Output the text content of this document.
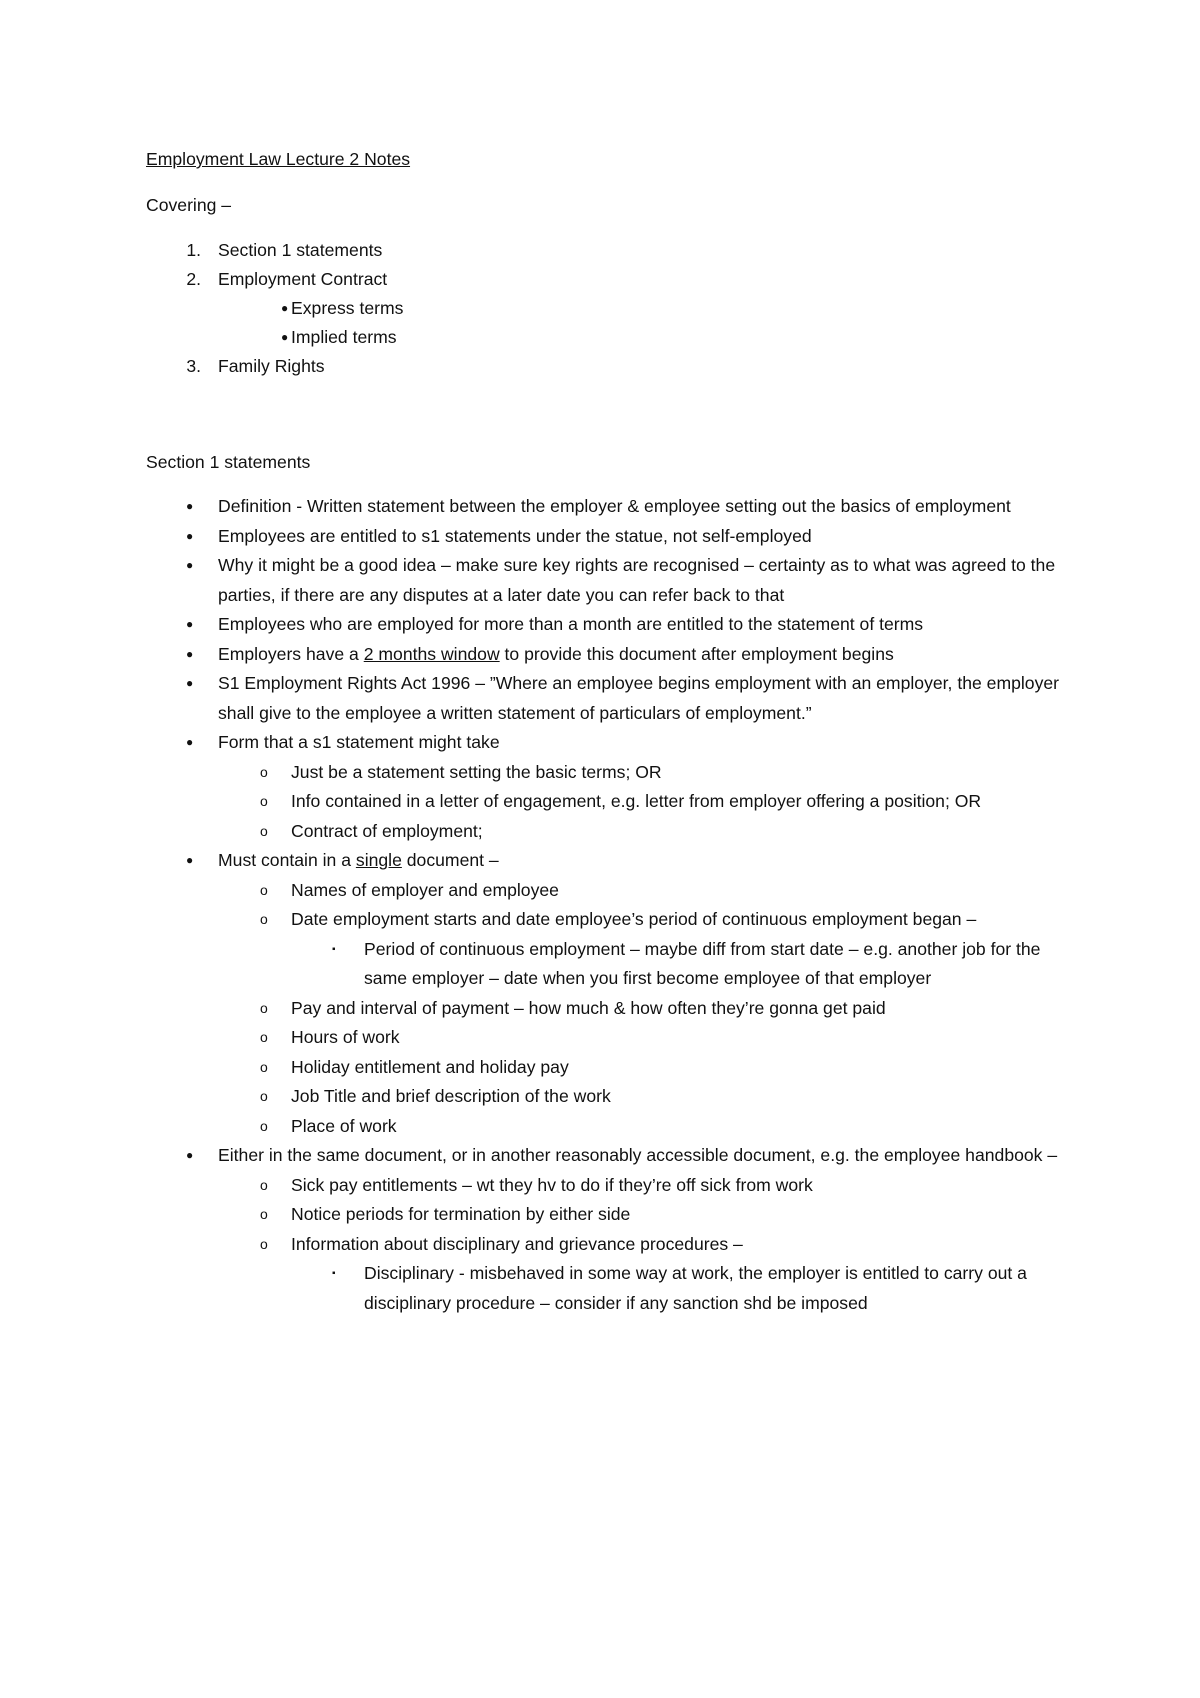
Employment Law Lecture 2 Notes
Covering –
1. Section 1 statements
2. Employment Contract
● Express terms
● Implied terms
3. Family Rights
Section 1 statements
● Definition - Written statement between the employer & employee setting out the basics of employment
● Employees are entitled to s1 statements under the statue, not self-employed
● Why it might be a good idea – make sure key rights are recognised – certainty as to what was agreed to the parties, if there are any disputes at a later date you can refer back to that
● Employees who are employed for more than a month are entitled to the statement of terms
● Employers have a 2 months window to provide this document after employment begins
● S1 Employment Rights Act 1996 – ”Where an employee begins employment with an employer, the employer shall give to the employee a written statement of particulars of employment.”
● Form that a s1 statement might take
o Just be a statement setting the basic terms; OR
o Info contained in a letter of engagement, e.g. letter from employer offering a position; OR
o Contract of employment;
● Must contain in a single document –
o Names of employer and employee
o Date employment starts and date employee’s period of continuous employment began –
▪ Period of continuous employment – maybe diff from start date – e.g. another job for the same employer – date when you first become employee of that employer
o Pay and interval of payment – how much & how often they’re gonna get paid
o Hours of work
o Holiday entitlement and holiday pay
o Job Title and brief description of the work
o Place of work
● Either in the same document, or in another reasonably accessible document, e.g. the employee handbook –
o Sick pay entitlements – wt they hv to do if they’re off sick from work
o Notice periods for termination by either side
o Information about disciplinary and grievance procedures –
▪ Disciplinary - misbehaved in some way at work, the employer is entitled to carry out a disciplinary procedure – consider if any sanction shd be imposed
